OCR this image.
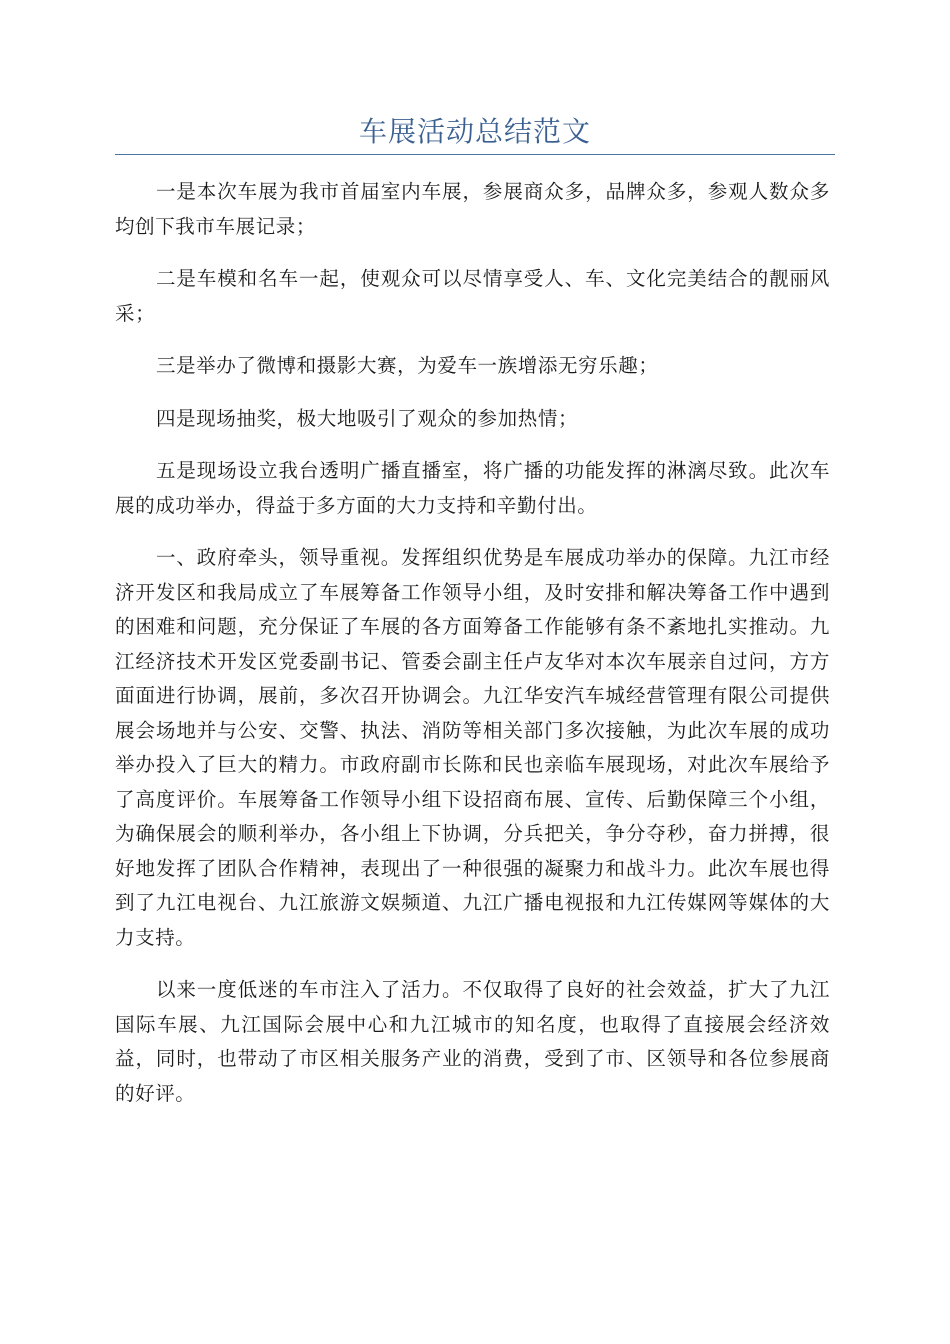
车展活动总结范文

一是本次车展为我市首届室内车展，参展商众多，品牌众多，参观人数众多均创下我市车展记录；

二是车模和名车一起，使观众可以尽情享受人、车、文化完美结合的靓丽风采；

三是举办了微博和摄影大赛，为爱车一族增添无穷乐趣；

四是现场抽奖，极大地吸引了观众的参加热情；

五是现场设立我台透明广播直播室，将广播的功能发挥的淋漓尽致。此次车展的成功举办，得益于多方面的大力支持和辛勤付出。

一、政府牵头，领导重视。发挥组织优势是车展成功举办的保障。九江市经济开发区和我局成立了车展筹备工作领导小组，及时安排和解决筹备工作中遇到的困难和问题，充分保证了车展的各方面筹备工作能够有条不紊地扎实推动。九江经济技术开发区党委副书记、管委会副主任卢友华对本次车展亲自过问，方方面面进行协调，展前，多次召开协调会。九江华安汽车城经营管理有限公司提供展会场地并与公安、交警、执法、消防等相关部门多次接触，为此次车展的成功举办投入了巨大的精力。市政府副市长陈和民也亲临车展现场，对此次车展给予了高度评价。车展筹备工作领导小组下设招商布展、宣传、后勤保障三个小组，为确保展会的顺利举办，各小组上下协调，分兵把关，争分夺秒，奋力拼搏，很好地发挥了团队合作精神，表现出了一种很强的凝聚力和战斗力。此次车展也得到了九江电视台、九江旅游文娱频道、九江广播电视报和九江传媒网等媒体的大力支持。

以来一度低迷的车市注入了活力。不仅取得了良好的社会效益，扩大了九江国际车展、九江国际会展中心和九江城市的知名度，也取得了直接展会经济效益，同时，也带动了市区相关服务产业的消费，受到了市、区领导和各位参展商的好评。
